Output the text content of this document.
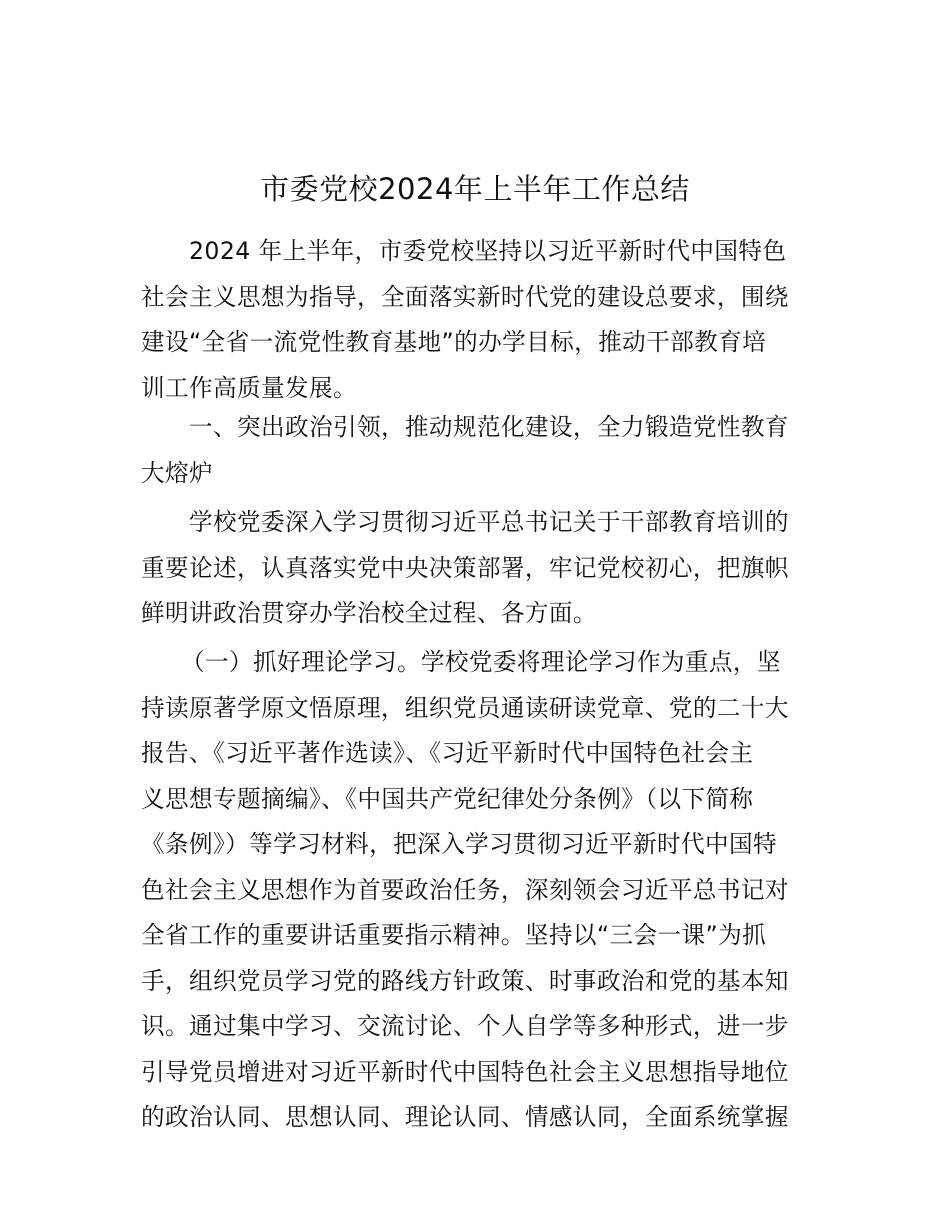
市委党校2024年上半年工作总结
2024 年上半年，市委党校坚持以习近平新时代中国特色
社会主义思想为指导，全面落实新时代党的建设总要求，围绕
建设“全省一流党性教育基地”的办学目标，推动干部教育培
训工作高质量发展。
一、突出政治引领，推动规范化建设，全力锻造党性教育
大熔炉
学校党委深入学习贯彻习近平总书记关于干部教育培训的
重要论述，认真落实党中央决策部署，牢记党校初心，把旗帜
鲜明讲政治贯穿办学治校全过程、各方面。
（一）抓好理论学习。学校党委将理论学习作为重点，坚
持读原著学原文悟原理，组织党员通读研读党章、党的二十大
报告、《习近平著作选读》、《习近平新时代中国特色社会主
义思想专题摘编》、《中国共产党纪律处分条例》（以下简称
《条例》）等学习材料，把深入学习贯彻习近平新时代中国特
色社会主义思想作为首要政治任务，深刻领会习近平总书记对
全省工作的重要讲话重要指示精神。坚持以“三会一课”为抓
手，组织党员学习党的路线方针政策、时事政治和党的基本知
识。通过集中学习、交流讨论、个人自学等多种形式，进一步
引导党员增进对习近平新时代中国特色社会主义思想指导地位
的政治认同、思想认同、理论认同、情感认同，全面系统掌握
